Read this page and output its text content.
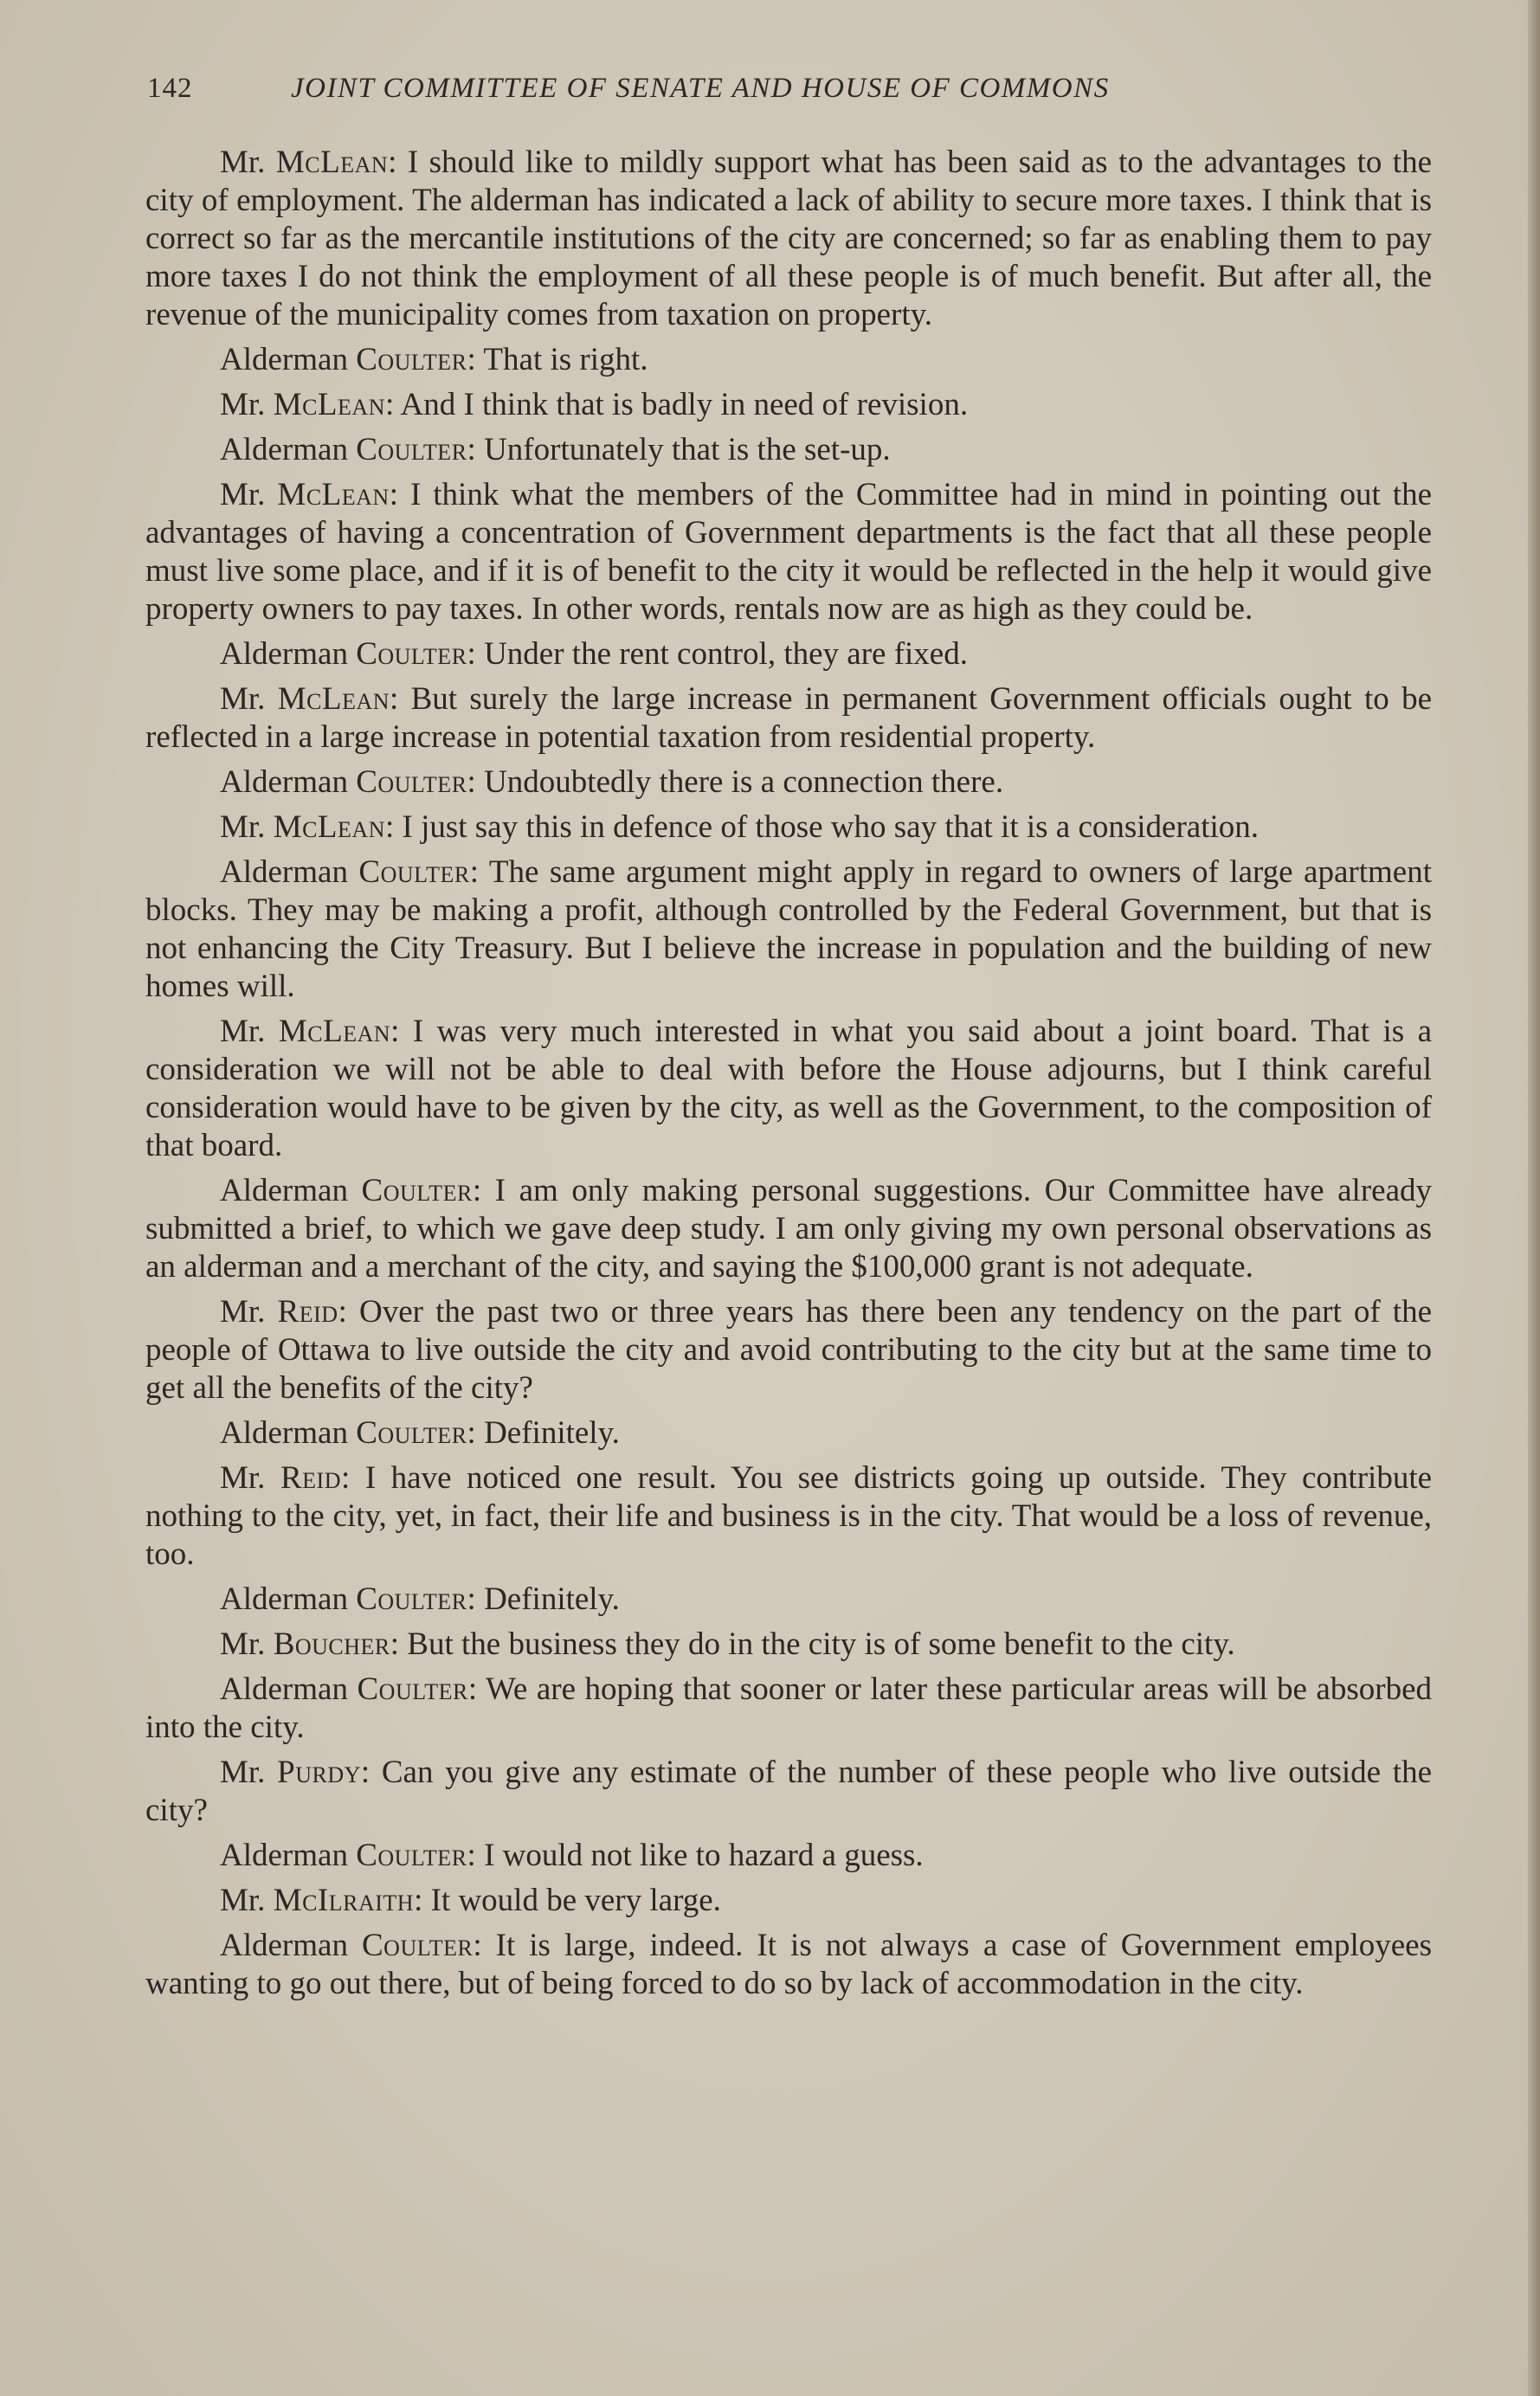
142	JOINT COMMITTEE OF SENATE AND HOUSE OF COMMONS

Mr. McLean: I should like to mildly support what has been said as to the advantages to the city of employment. The alderman has indicated a lack of ability to secure more taxes. I think that is correct so far as the mercantile institutions of the city are concerned; so far as enabling them to pay more taxes I do not think the employment of all these people is of much benefit. But after all, the revenue of the municipality comes from taxation on property.

Alderman Coulter: That is right.

Mr. McLean: And I think that is badly in need of revision.

Alderman Coulter: Unfortunately that is the set-up.

Mr. McLean: I think what the members of the Committee had in mind in pointing out the advantages of having a concentration of Government departments is the fact that all these people must live some place, and if it is of benefit to the city it would be reflected in the help it would give property owners to pay taxes. In other words, rentals now are as high as they could be.

Alderman Coulter: Under the rent control, they are fixed.

Mr. McLean: But surely the large increase in permanent Government officials ought to be reflected in a large increase in potential taxation from residential property.

Alderman Coulter: Undoubtedly there is a connection there.

Mr. McLean: I just say this in defence of those who say that it is a consideration.

Alderman Coulter: The same argument might apply in regard to owners of large apartment blocks. They may be making a profit, although controlled by the Federal Government, but that is not enhancing the City Treasury. But I believe the increase in population and the building of new homes will.

Mr. McLean: I was very much interested in what you said about a joint board. That is a consideration we will not be able to deal with before the House adjourns, but I think careful consideration would have to be given by the city, as well as the Government, to the composition of that board.

Alderman Coulter: I am only making personal suggestions. Our Committee have already submitted a brief, to which we gave deep study. I am only giving my own personal observations as an alderman and a merchant of the city, and saying the $100,000 grant is not adequate.

Mr. Reid: Over the past two or three years has there been any tendency on the part of the people of Ottawa to live outside the city and avoid contributing to the city but at the same time to get all the benefits of the city?

Alderman Coulter: Definitely.

Mr. Reid: I have noticed one result. You see districts going up outside. They contribute nothing to the city, yet, in fact, their life and business is in the city. That would be a loss of revenue, too.

Alderman Coulter: Definitely.

Mr. Boucher: But the business they do in the city is of some benefit to the city.

Alderman Coulter: We are hoping that sooner or later these particular areas will be absorbed into the city.

Mr. Purdy: Can you give any estimate of the number of these people who live outside the city?

Alderman Coulter: I would not like to hazard a guess.

Mr. McIlraith: It would be very large.

Alderman Coulter: It is large, indeed. It is not always a case of Government employees wanting to go out there, but of being forced to do so by lack of accommodation in the city.
